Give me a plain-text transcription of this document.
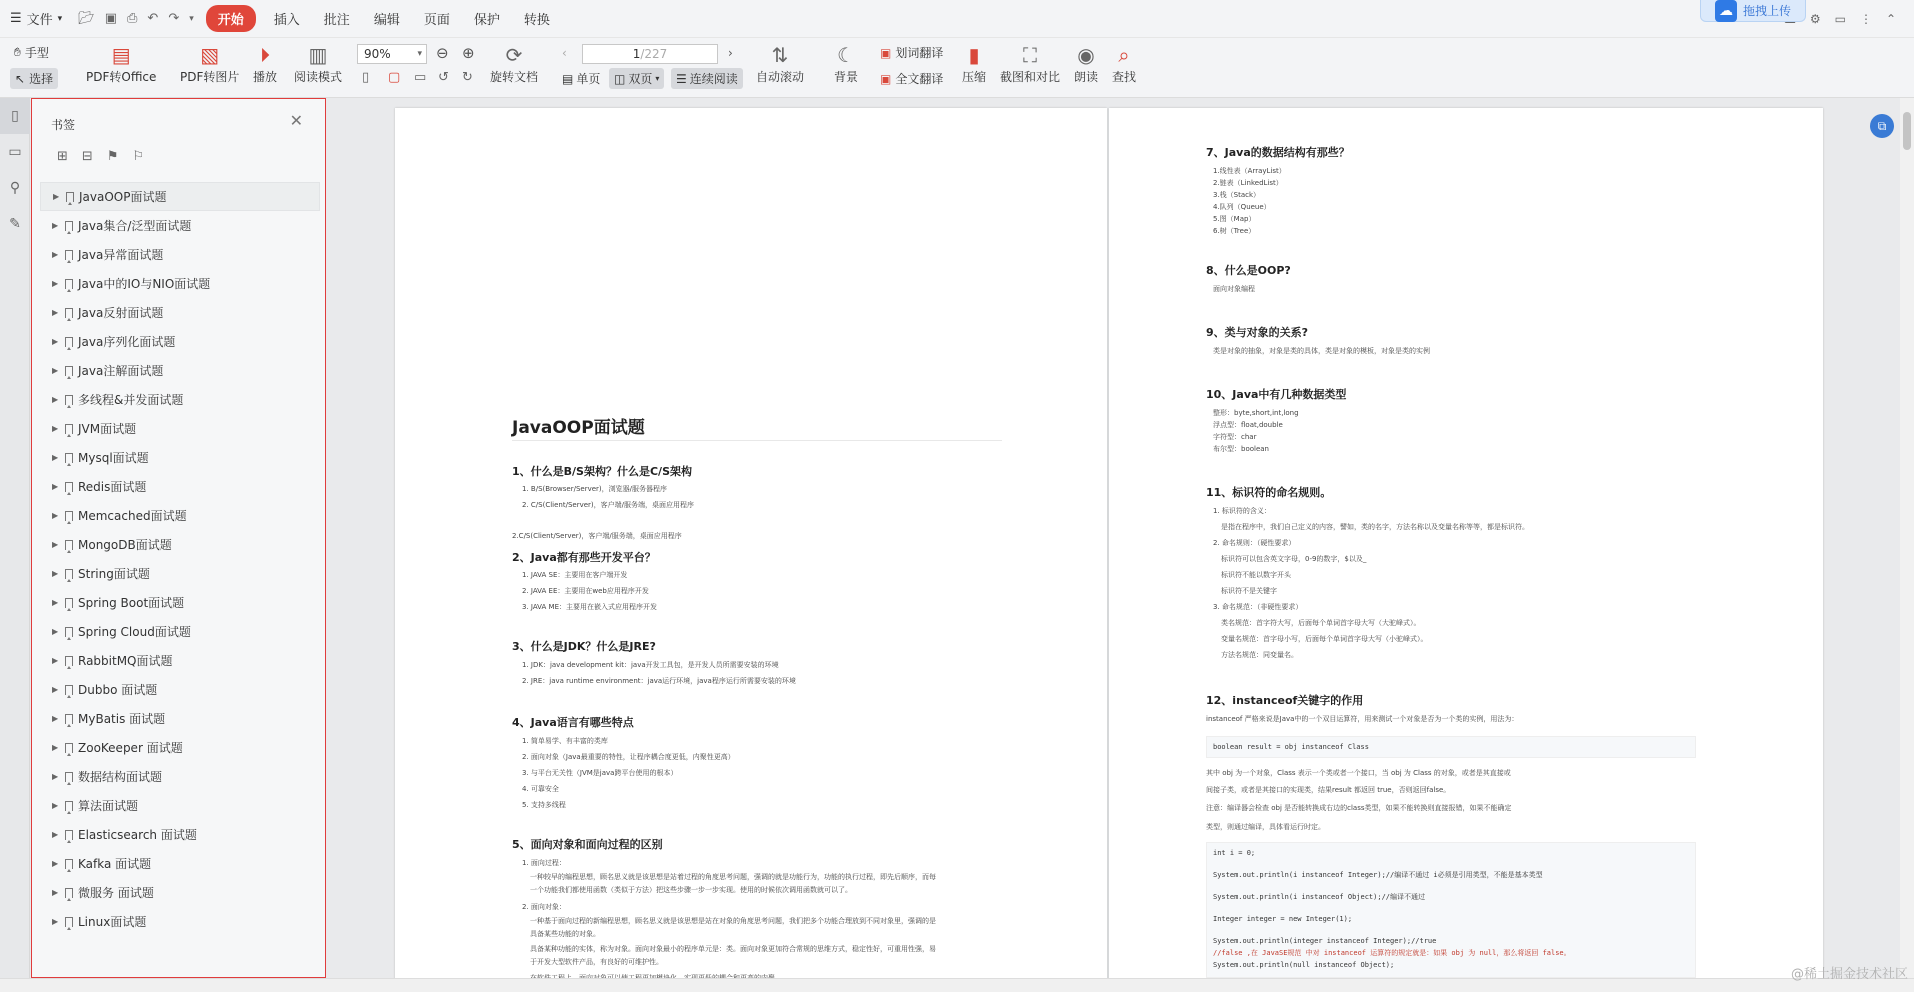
☰ 文件 ▾ 📂︎ ▣ ⎙ ↶ ↷ ▾	开始	插入	批注	编辑	页面	保护	转换	⚙ ▭ ⋮ ⌃
☁ 拖拽上传
✋︎ 手型
↖ 选择
▤
PDF转Office
▧
PDF转图片
⏵
播放
▥
阅读模式
90%	▾ ⊖ ⊕
▯ ▢ ▭ ↺ ↻
⟳
旋转文档
‹	1/227	›
▤ 单页 ◫ 双页 ▾ ☰ 连续阅读
⇅
自动滚动
☾
背景
▣ 划词翻译
▣ 全文翻译
▮
压缩
⛶
截图和对比
◉
朗读
⌕
查找
▯
▭
⚲
✎
书签	✕
⊞ ⊟ ⚑ ⚐
▶ JavaOOP面试题
▶ Java集合/泛型面试题
▶ Java异常面试题
▶ Java中的IO与NIO面试题
▶ Java反射面试题
▶ Java序列化面试题
▶ Java注解面试题
▶ 多线程&并发面试题
▶ JVM面试题
▶ Mysql面试题
▶ Redis面试题
▶ Memcached面试题
▶ MongoDB面试题
▶ String面试题
▶ Spring Boot面试题
▶ Spring Cloud面试题
▶ RabbitMQ面试题
▶ Dubbo 面试题
▶ MyBatis 面试题
▶ ZooKeeper 面试题
▶ 数据结构面试题
▶ 算法面试题
▶ Elasticsearch 面试题
▶ Kafka 面试题
▶ 微服务 面试题
▶ Linux面试题
JavaOOP面试题
1、什么是B/S架构？什么是C/S架构
1. B/S(Browser/Server)，浏览器/服务器程序
2. C/S(Client/Server)，客户端/服务端，桌面应用程序
2.C/S(Client/Server)，客户端/服务端，桌面应用程序
2、Java都有那些开发平台？
1. JAVA SE：主要用在客户端开发
2. JAVA EE：主要用在web应用程序开发
3. JAVA ME：主要用在嵌入式应用程序开发
3、什么是JDK？什么是JRE?
1. JDK：java development kit：java开发工具包，是开发人员所需要安装的环境
2. JRE：java runtime environment：java运行环境，java程序运行所需要安装的环境
4、Java语言有哪些特点
1. 简单易学、有丰富的类库
2. 面向对象（Java最重要的特性，让程序耦合度更低，内聚性更高）
3. 与平台无关性（JVM是java跨平台使用的根本）
4. 可靠安全
5. 支持多线程
5、面向对象和面向过程的区别
1. 面向过程：
一种较早的编程思想，顾名思义就是该思想是站着过程的角度思考问题，强调的就是功能行为，功能的执行过程，即先后顺序，而每
一个功能我们都使用函数（类似于方法）把这些步骤一步一步实现。使用的时候依次调用函数就可以了。
2. 面向对象：
一种基于面向过程的新编程思想，顾名思义就是该思想是站在对象的角度思考问题，我们把多个功能合理放到不同对象里，强调的是
具备某些功能的对象。
具备某种功能的实体，称为对象。面向对象最小的程序单元是：类。面向对象更加符合常规的思维方式，稳定性好，可重用性强，易
于开发大型软件产品，有良好的可维护性。
7、Java的数据结构有那些？
1.线性表（ArrayList）
2.链表（LinkedList）
3.栈（Stack）
4.队列（Queue）
5.图（Map）
6.树（Tree）
8、什么是OOP?
面向对象编程
9、类与对象的关系?
类是对象的抽象，对象是类的具体，类是对象的模板，对象是类的实例
10、Java中有几种数据类型
整形：byte,short,int,long
浮点型：float,double
字符型：char
布尔型：boolean
11、标识符的命名规则。
1. 标识符的含义：
是指在程序中，我们自己定义的内容，譬如，类的名字，方法名称以及变量名称等等，都是标识符。
2. 命名规则：（硬性要求）
标识符可以包含英文字母，0-9的数字，$以及_
标识符不能以数字开头
标识符不是关键字
3. 命名规范：（非硬性要求）
类名规范：首字符大写，后面每个单词首字母大写（大驼峰式）。
变量名规范：首字母小写，后面每个单词首字母大写（小驼峰式）。
方法名规范：同变量名。
12、instanceof关键字的作用
instanceof 严格来说是Java中的一个双目运算符，用来测试一个对象是否为一个类的实例，用法为：
boolean result = obj instanceof Class
其中 obj 为一个对象，Class 表示一个类或者一个接口，当 obj 为 Class 的对象，或者是其直接或
间接子类，或者是其接口的实现类，结果result 都返回 true，否则返回false。
注意：编译器会检查 obj 是否能转换成右边的class类型，如果不能转换则直接报错，如果不能确定
类型，则通过编译，具体看运行时定。
int i = 0;
System.out.println(i instanceof Integer);//编译不通过 i必须是引用类型，不能是基本类型
System.out.println(i instanceof Object);//编译不通过
Integer integer = new Integer(1);
System.out.println(integer instanceof Integer);//true
//false ,在 JavaSE规范 中对 instanceof 运算符的规定就是：如果 obj 为 null，那么将返回 false。
System.out.println(null instanceof Object);
⧉
@稀土掘金技术社区
